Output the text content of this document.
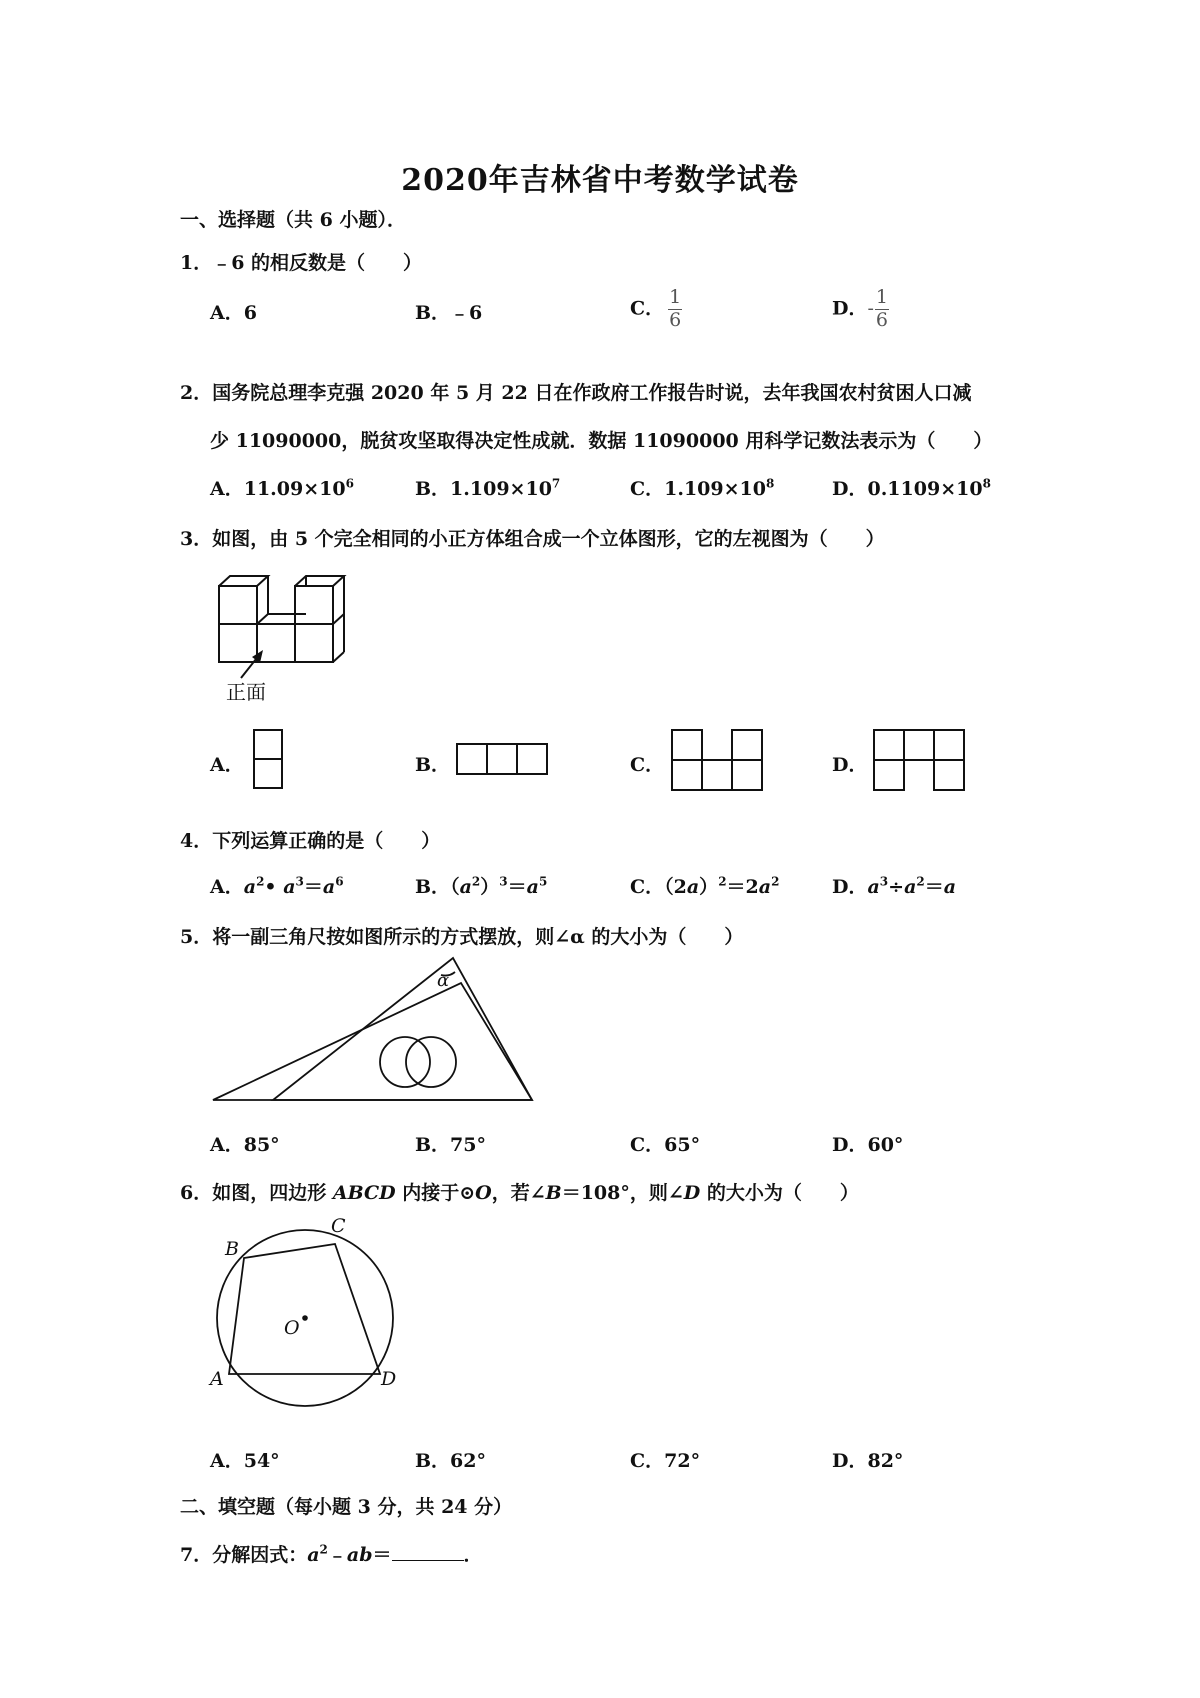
2020年吉林省中考数学试卷
一、选择题（共 6 小题）．
1．﹣6 的相反数是（　　）
A．6	B．﹣6	C． $\frac{1}{6}$	D．- $\frac{1}{6}$
2．国务院总理李克强 2020 年 5 月 22 日在作政府工作报告时说，去年我国农村贫困人口减
少 11090000，脱贫攻坚取得决定性成就．数据 11090000 用科学记数法表示为（　　）
A．$11.09\times 10^6$	B．$1.109\times 10^7$	C．$1.109\times 10^8$	D．$0.1109\times 10^8$
3．如图，由 5 个完全相同的小正方体组合成一个立体图形，它的左视图为（　　）
正面
A．	B．	C．	D．
4．下列运算正确的是（　　）
A．$a^2•$ $a^3=a^6$	B．$(a^2)^3=a^5$	C．$(2a)^2=2a^2$	D．$a^3\div a^2=a$
5．将一副三角尺按如图所示的方式摆放，则∠α 的大小为（　　）
α
A．85°	B．75°	C．65°	D．60°
6．如图，四边形 ABCD 内接于⊙O，若∠B＝108°，则∠D 的大小为（　　）
B
C
O
A	D
A．54°	B．62°	C．72°	D．82°
二、填空题（每小题 3 分，共 24 分）
7．分解因式：$a^2﹣ab=$	．
